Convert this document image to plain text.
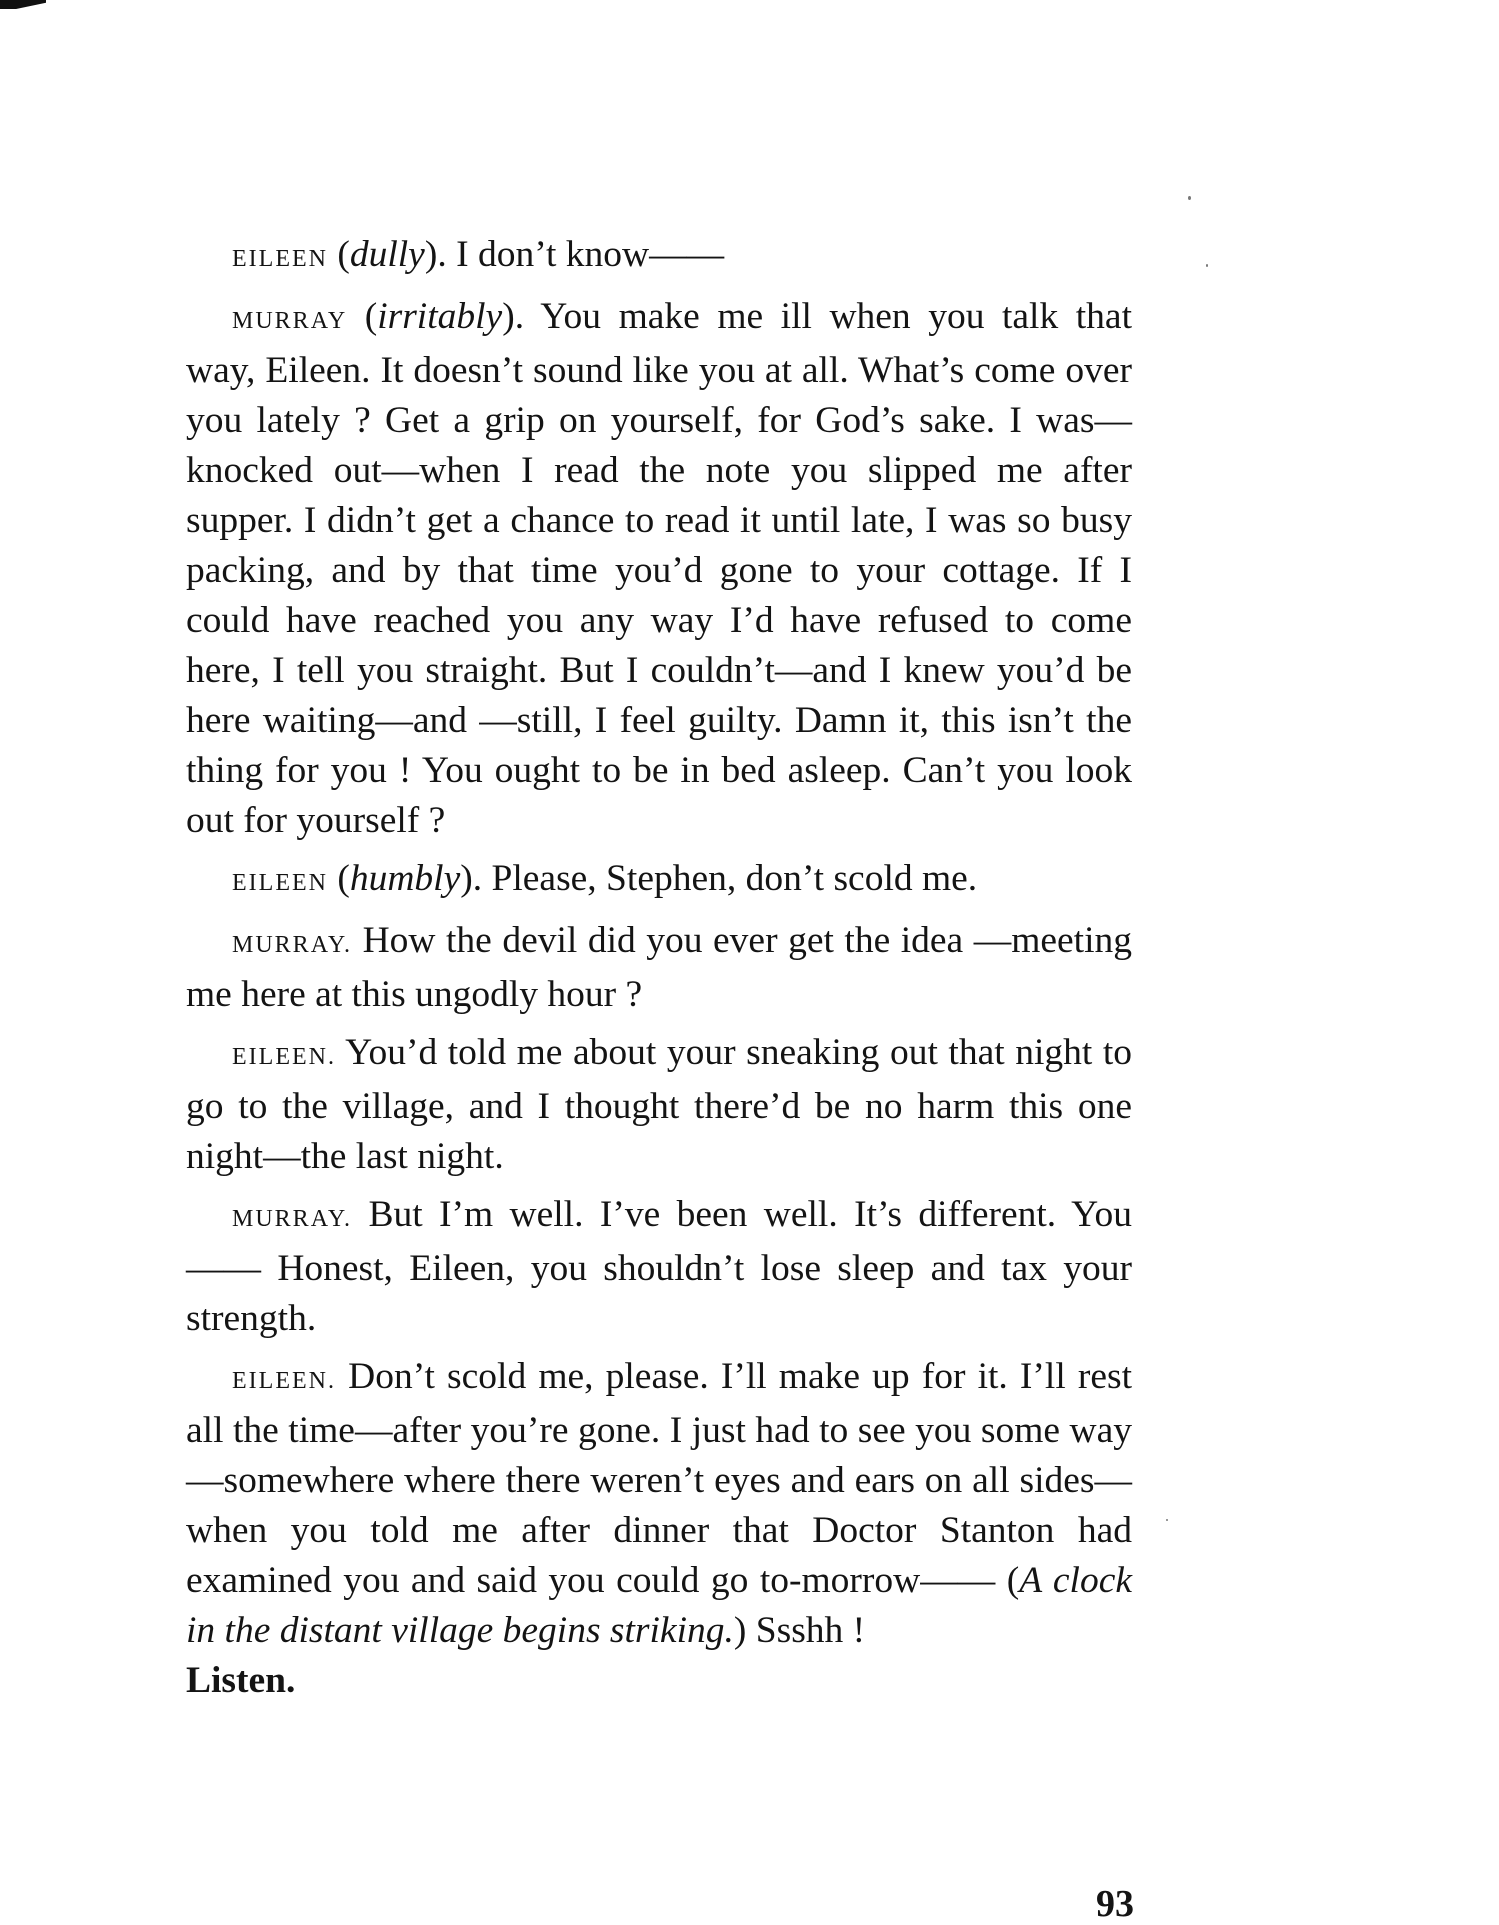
EILEEN (dully). I don’t know——

MURRAY (irritably). You make me ill when you talk that way, Eileen. It doesn’t sound like you at all. What’s come over you lately ? Get a grip on yourself, for God’s sake. I was—knocked out—when I read the note you slipped me after supper. I didn’t get a chance to read it until late, I was so busy packing, and by that time you’d gone to your cottage. If I could have reached you any way I’d have refused to come here, I tell you straight. But I couldn’t—and I knew you’d be here waiting—and —still, I feel guilty. Damn it, this isn’t the thing for you ! You ought to be in bed asleep. Can’t you look out for yourself ?

EILEEN (humbly). Please, Stephen, don’t scold me.

MURRAY. How the devil did you ever get the idea —meeting me here at this ungodly hour ?

EILEEN. You’d told me about your sneaking out that night to go to the village, and I thought there’d be no harm this one night—the last night.

MURRAY. But I’m well. I’ve been well. It’s different. You—— Honest, Eileen, you shouldn’t lose sleep and tax your strength.

EILEEN. Don’t scold me, please. I’ll make up for it. I’ll rest all the time—after you’re gone. I just had to see you some way—somewhere where there weren’t eyes and ears on all sides—when you told me after dinner that Doctor Stanton had examined you and said you could go to-morrow—— (A clock in the distant village begins striking.) Ssshh !
Listen.

93
